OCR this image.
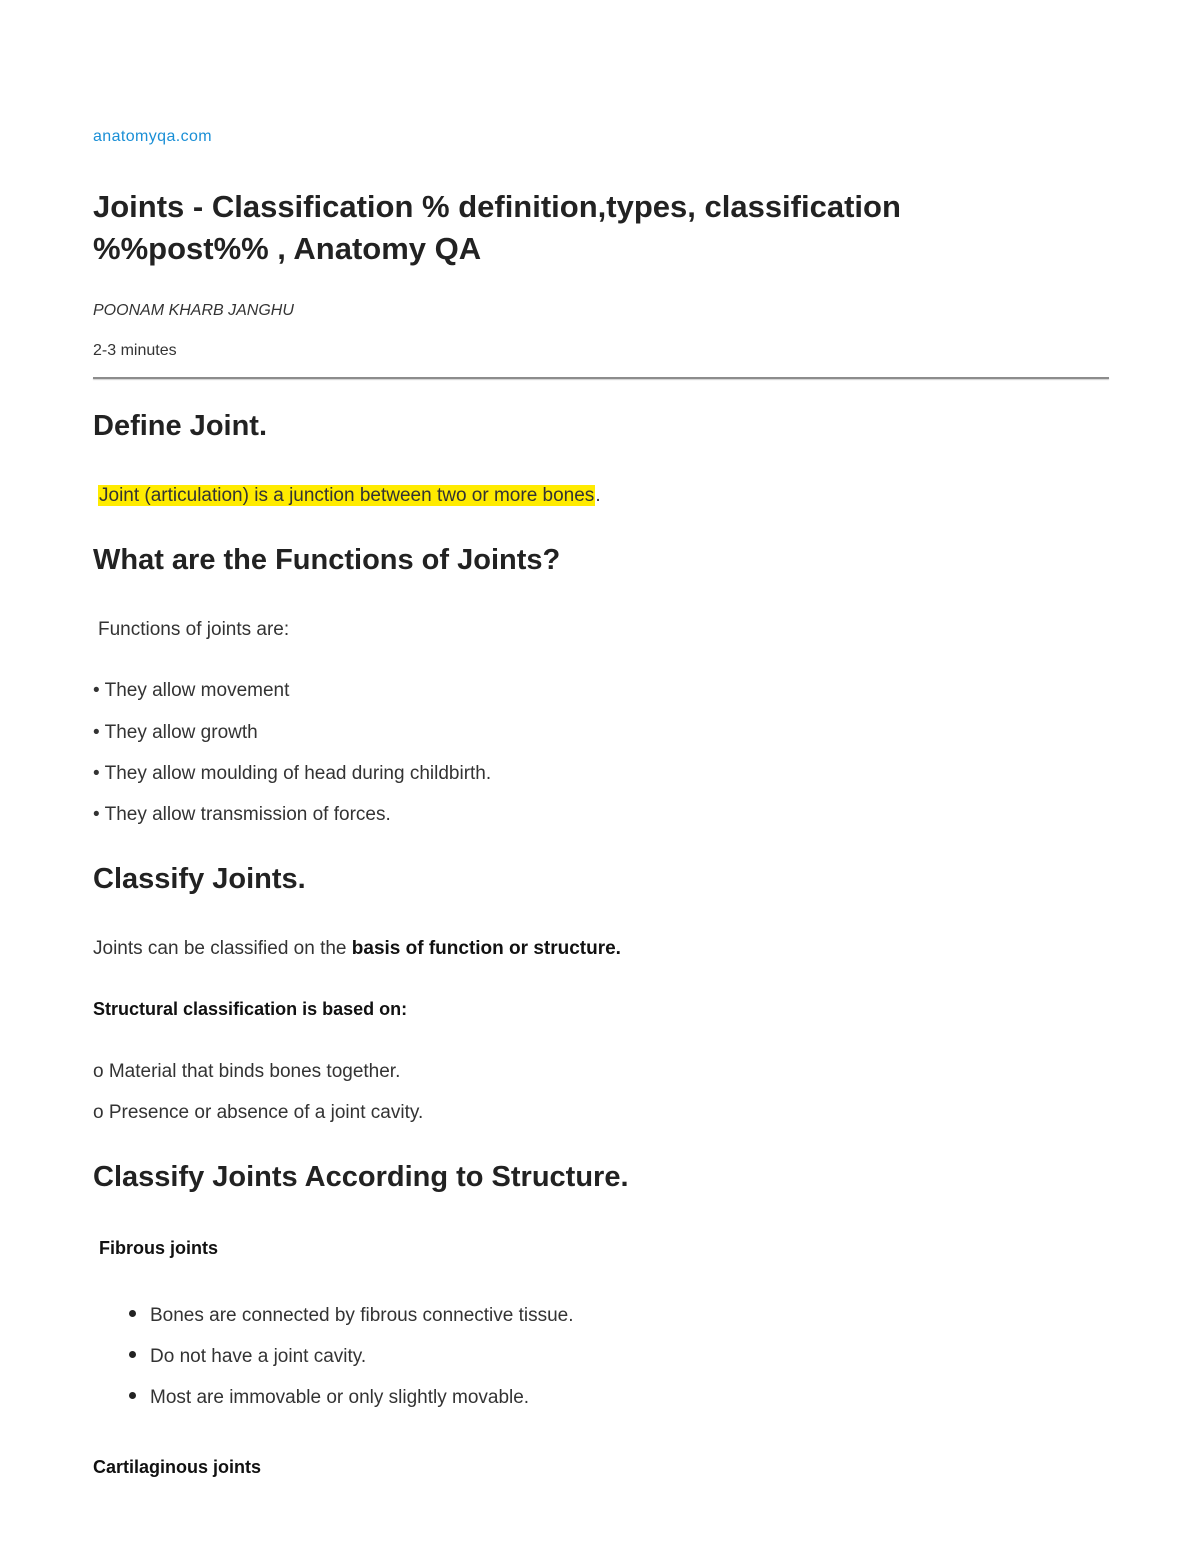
anatomyqa.com
Joints - Classification % definition,types, classification %%post%% , Anatomy QA
POONAM KHARB JANGHU
2-3 minutes
Define Joint.
Joint (articulation) is a junction between two or more bones.
What are the Functions of Joints?
Functions of joints are:
• They allow movement
• They allow growth
• They allow moulding of head during childbirth.
• They allow transmission of forces.
Classify Joints.
Joints can be classified on the basis of function or structure.
Structural classification is based on:
o Material that binds bones together.
o Presence or absence of a joint cavity.
Classify Joints According to Structure.
Fibrous joints
Bones are connected by fibrous connective tissue.
Do not have a joint cavity.
Most are immovable or only slightly movable.
Cartilaginous joints
